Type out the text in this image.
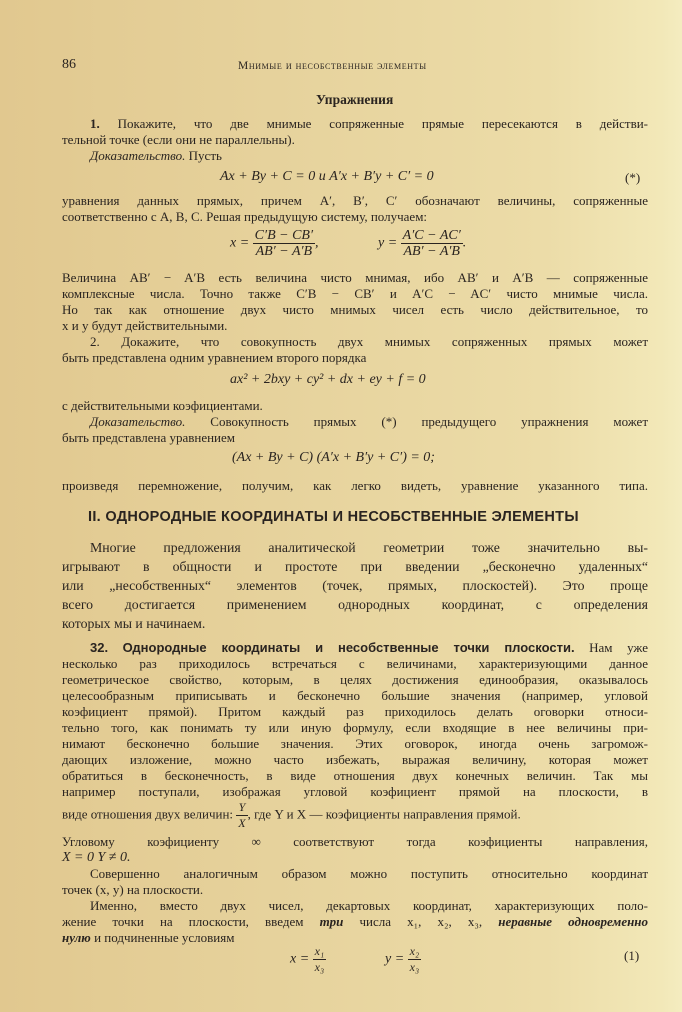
86	Мнимые и несобственные элементы
Упражнения
1. Покажите, что две мнимые сопряженные прямые пересекаются в действи-
тельной точке (если они не параллельны).
Доказательство. Пусть
Ax + By + C = 0 и A′x + B′y + C′ = 0	(*)
уравнения данных прямых, причем A′, B′, C′ обозначают величины, сопряженные
соответственно с A, B, C. Решая предыдущую систему, получаем:
$x = \frac{C'B - CB'}{AB' - A'B}$ ,	$y = \frac{A'C - AC'}{AB' - A'B}$ .
Величина AB′ − A′B есть величина чисто мнимая, ибо AB′ и A′B — сопряженные
комплексные числа. Точно также C′B − CB′ и A′C − AC′ чисто мнимые числа.
Но так как отношение двух чисто мнимых чисел есть число действительное, то
x и y будут действительными.
2. Докажите, что совокупность двух мнимых сопряженных прямых может
быть представлена одним уравнением второго порядка
ax² + 2bxy + cy² + dx + ey + f = 0
с действительными коэфициентами.
Доказательство. Совокупность прямых (*) предыдущего упражнения может
быть представлена уравнением
(Ax + By + C) (A′x + B′y + C′) = 0;
произведя перемножение, получим, как легко видеть, уравнение указанного типа.
II. ОДНОРОДНЫЕ КООРДИНАТЫ И НЕСОБСТВЕННЫЕ ЭЛЕМЕНТЫ
Многие предложения аналитической геометрии тоже значительно вы-
игрывают в общности и простоте при введении „бесконечно удаленных“
или „несобственных“ элементов (точек, прямых, плоскостей). Это проще
всего достигается применением однородных координат, с определения
которых мы и начинаем.
32. Однородные координаты и несобственные точки плоскости. Нам уже
несколько раз приходилось встречаться с величинами, характеризующими данное
геометрическое свойство, которым, в целях достижения единообразия, оказывалось
целесообразным приписывать и бесконечно большие значения (например, угловой
коэфициент прямой). Притом каждый раз приходилось делать оговорки относи-
тельно того, как понимать ту или иную формулу, если входящие в нее величины при-
нимают бесконечно большие значения. Этих оговорок, иногда очень загромож-
дающих изложение, можно часто избежать, выражая величину, которая может
обратиться в бесконечность, в виде отношения двух конечных величин. Так мы
например поступали, изображая угловой коэфициент прямой на плоскости, в
виде отношения двух величин: $\frac{Y}{X}$ , где Y и X — коэфициенты направления прямой.
Угловому коэфициенту ∞ соответствуют тогда коэфициенты направления,
X = 0 Y ≠ 0.
Совершенно аналогичным образом можно поступить относительно координат
точек (x, y) на плоскости.
Именно, вместо двух чисел, декартовых координат, характеризующих поло-
жение точки на плоскости, введем три числа x₁, x₂, x₃, неравные одновременно
нулю и подчиненные условиям
$x = \frac{\text{x₁}}{\text{x₃}}$	$y = \frac{\text{x₂}}{\text{x₃}}$	(1)
